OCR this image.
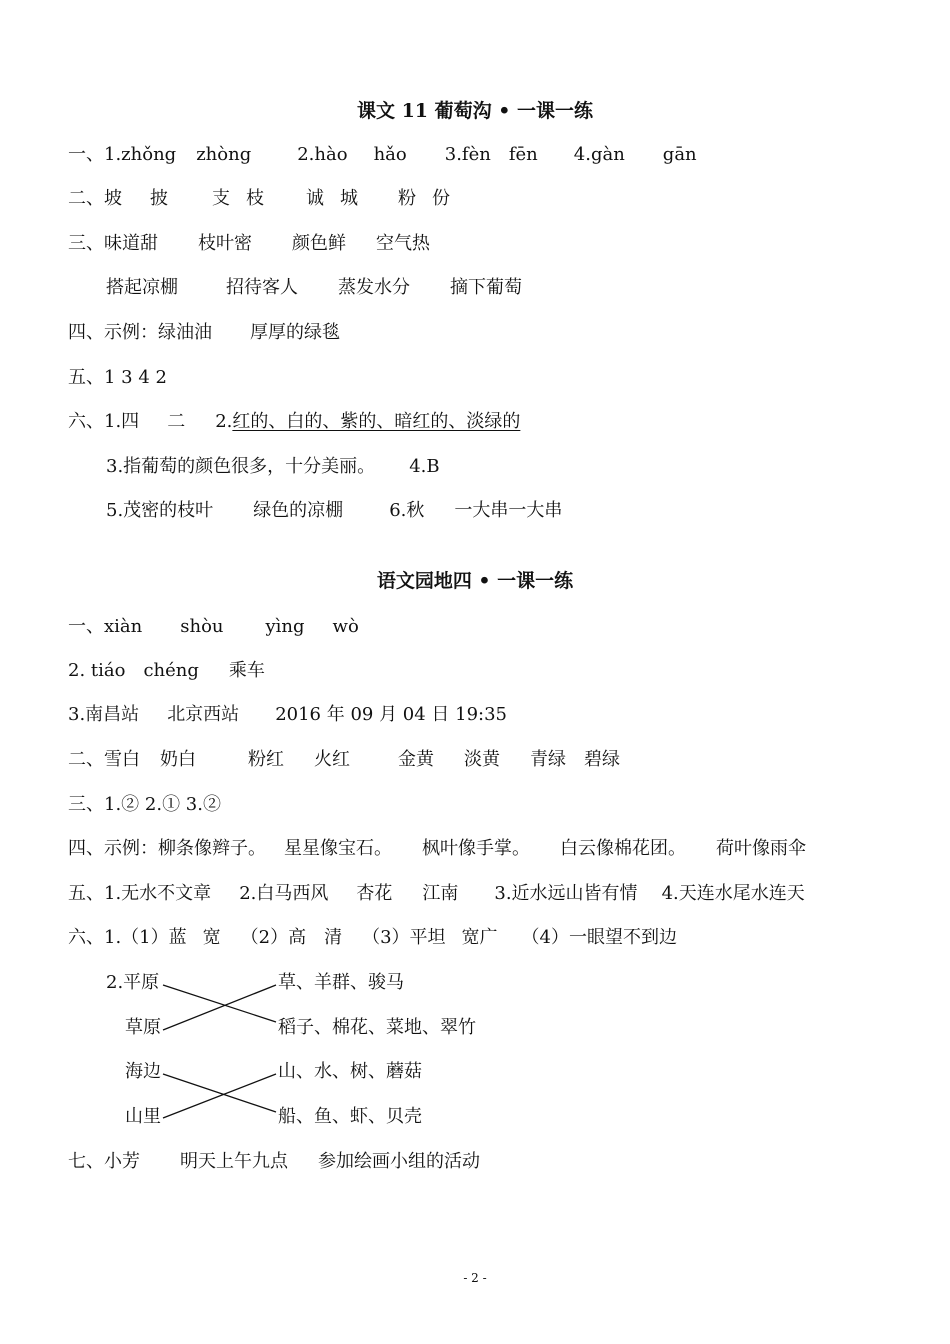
课文 11 葡萄沟 • 一课一练
一、1.zhǒng zhòng	2.hào hǎo 3.fèn fēn 4.gàn gān
二、坡 披 支 枝 诚 城 粉 份
三、味道甜 枝叶密 颜色鲜 空气热
搭起凉棚	招待客人 蒸发水分 摘下葡萄
四、示例：绿油油 厚厚的绿毯
五、1 3 4 2
六、1.四 二 2.红的、白的、紫的、暗红的、淡绿的
3.指葡萄的颜色很多，十分美丽。 4.B
5.茂密的枝叶 绿色的凉棚	6.秋 一大串一大串
语文园地四 • 一课一练
一、xiàn shòu yìng wò
2. tiáo chéng 乘车
3.南昌站 北京西站 2016 年 09 月 04 日 19:35
二、雪白 奶白	粉红 火红	金黄 淡黄 青绿 碧绿
三、1.② 2.① 3.②
四、示例：柳条像辫子。 星星像宝石。 枫叶像手掌。 白云像棉花团。 荷叶像雨伞
五、1.无水不文章 2.白马西风 杏花 江南 3.近水远山皆有情 4.天连水尾水连天
六、1.（1）蓝 宽 （2）高 清 （3）平坦 宽广 （4）一眼望不到边
2.平原
草原
海边
山里
草、羊群、骏马
稻子、棉花、菜地、翠竹
山、水、树、蘑菇
船、鱼、虾、贝壳
七、小芳 明天上午九点 参加绘画小组的活动
- 2 -
